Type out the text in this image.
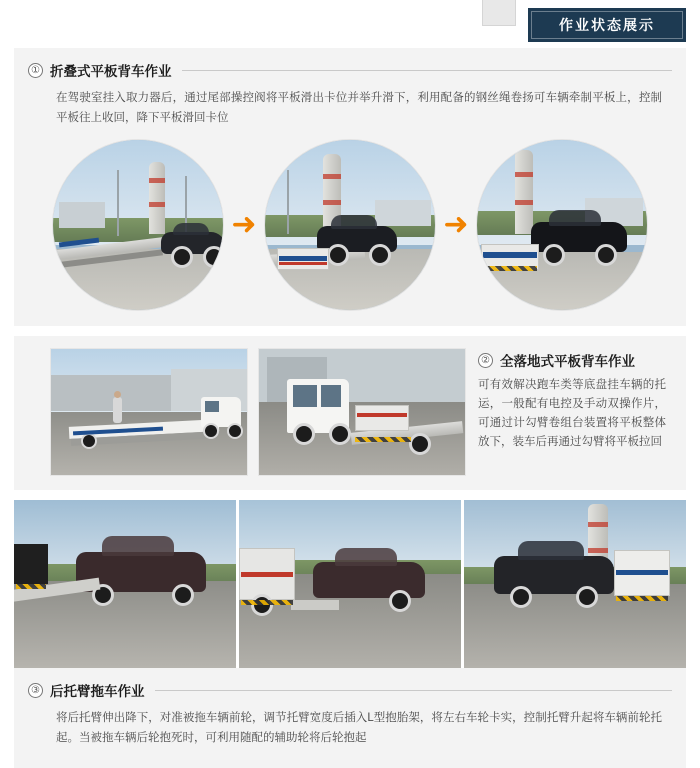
作业状态展示
① 折叠式平板背车作业
在驾驶室挂入取力器后，通过尾部操控阀将平板滑出卡位并举升滑下，利用配备的钢丝绳卷扬可车辆牵制平板上，控制平板往上收回，降下平板滑回卡位
➜	➜
② 全落地式平板背车作业
可有效解决跑车类等底盘挂车辆的托运，一般配有电控及手动双操作片，可通过计勾臂卷组台装置将平板整体放下，装车后再通过勾臂将平板拉回
③ 后托臂拖车作业
将后托臂伸出降下，对准被拖车辆前轮，调节托臂宽度后插入L型抱胎架，将左右车轮卡实，控制托臂升起将车辆前轮托起。当被拖车辆后轮抱死时，可利用随配的辅助轮将后轮抱起
